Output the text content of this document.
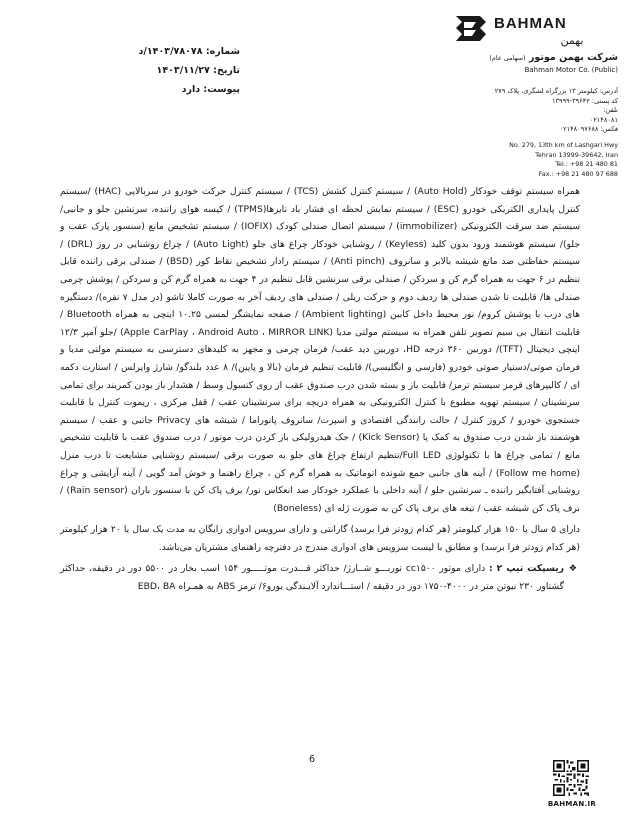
شماره: ۱۴۰۳/۷۸۰۷۸/د
تاریخ: ۱۴۰۳/۱۱/۲۷
پیوست: دارد
BAHMAN
بهمن
شرکت بهمن موتور (سهامی عام)
Bahman Motor Co. (Public)
آدرس: کیلومتر ۱۳ بزرگراه لشگری، پلاک ۲۷۹
کد پستی: ۳۹۶۴۲-۱۳۹۹۹
تلفن:
۰۲۱۴۸۰۸۱
فکس: ۰۲۱۴۸۰۹۷۶۸۸
No. 279, 13th km of Lashgari Hwy
Tehran 13999-39642, Iran
Tel.: +98 21 480 81
Fax.: +98 21 480 97 688

همراه سیستم توقف خودکار (Auto Hold) / سیستم کنترل کشش (TCS) / سیستم کنترل حرکت خودرو در سربالایی (HAC) /سیستم کنترل پایداری الکتریکی خودرو (ESC) / سیستم نمایش لحظه ای فشار باد تایرها(TPMS) / کیسه هوای راننده، سرنشین جلو و جانبی/ سیستم ضد سرقت الکترونیکی (immobilizer) / سیستم اتصال صندلی کودک (IOFIX) / سیستم تشخیص مانع (سنسور پارک عقب و جلو)/ سیستم هوشمند ورود بدون کلید (Keyless) / روشنایی خودکار چراغ های جلو (Auto Light) / چراغ روشنایی در روز (DRL) / سیستم حفاظتی ضد مانع شیشه بالابر و سانروف (Anti pinch) / سیستم رادار تشخیص نقاط کور (BSD) / صندلی برقی راننده قابل تنظیم در ۶ جهت به همراه گرم کن و سردکن / صندلی برقی سرنشین قابل تنظیم در ۴ جهت به همراه گرم کن و سردکن / پوشش چرمی صندلی ها/ قابلیت تا شدن صندلی ها ردیف دوم و حرکت ریلی / صندلی های ردیف آخر به صورت کاملا تاشو (در مدل ۷ نفره)/ دستگیره های درب با پوشش کروم/ نور محیط داخل کابین (Ambient lighting) / صفحه نمایشگر لمسی ۱۰.۲۵ اینچی به همراه Bluetooth / قابلیت انتقال بی سیم تصویر تلفن همراه به سیستم مولتی مدیا (Apple CarPlay ، Android Auto ، MIRROR LINK) /جلو آمپر ۱۲/۳ اینچی دیجیتال (TFT)/ دوربین ۳۶۰ درجه HD، دوربین دید عقب/ فرمان چرمی و مجهز به کلیدهای دسترسی به سیستم مولتی مدیا و فرمان صوتی/دستیار صوتی خودرو (فارسی و انگلیسی)/ قابلیت تنظیم فرمان (بالا و پایین)/ ۸ عدد بلندگو/ شارژ وایرلس / استارت دکمه ای / کالیپرهای قرمز سیستم ترمز/ قابلیت باز و بسته شدن درب صندوق عقب از روی کنسول وسط / هشدار باز بودن کمربند برای تمامی سرنشینان / سیستم تهویه مطبوع با کنترل الکترونیکی به همراه دریچه برای سرنشینان عقب / قفل مرکزی ، ریموت کنترل با قابلیت جستجوی خودرو / کروز کنترل / حالت رانندگی اقتصادی و اسپرت/ سانروف پانوراما / شیشه های Privacy جانبی و عقب / سیستم هوشمند باز شدن درب صندوق به کمک پا (Kick Sensor) / جک هیدرولیکی باز کردن درب موتور / درب صندوق عقب با قابلیت تشخیص مانع / تمامی چراغ ها با تکنولوژی Full LED/تنظیم ارتفاع چراغ های جلو به صورت برقی /سیستم روشنایی مشایعت تا درب منزل (Follow me home) / آینه های جانبی جمع شونده اتوماتیک به همراه گرم کن ، چراغ راهنما و خوش آمد گویی / آینه آرایشی و چراغ روشنایی آفتابگیر راننده ـ سرنشین جلو / آینه داخلی با عملکرد خودکار ضد انعکاس نور/ برف پاک کن با سنسور باران (Rain sensor) / برف پاک کن شیشه عقب / تیغه های برف پاک کن به صورت ژله ای (Boneless)

دارای ۵ سال یا ۱۵۰ هزار کیلومتر (هر کدام زودتر فرا برسد) گارانتی و دارای سرویس ادواری رایگان به مدت یک سال یا ۲۰ هزار کیلومتر (هر کدام زودتر فرا برسد) و مطابق با لیست سرویس های ادواری مندرج در دفترچه راهنمای مشتریان می‌باشد.

❖
ریسپکت تیپ ۲ : دارای موتور cc۱۵۰۰ توربـــو شــارژ/ حداکثر قـــدرت موتـــــور ۱۵۴ اسب بخار در ۵۵۰۰ دور در دقیقه، حداکثر گشتاور ۲۳۰ نیوتن متر در ۴۰۰۰-۱۷۵۰ دور در دقیقه / استـــاندارد آلایـندگی یورو۶/ ترمز ABS به همـراه EBD، BA
6
BAHMAN.IR
